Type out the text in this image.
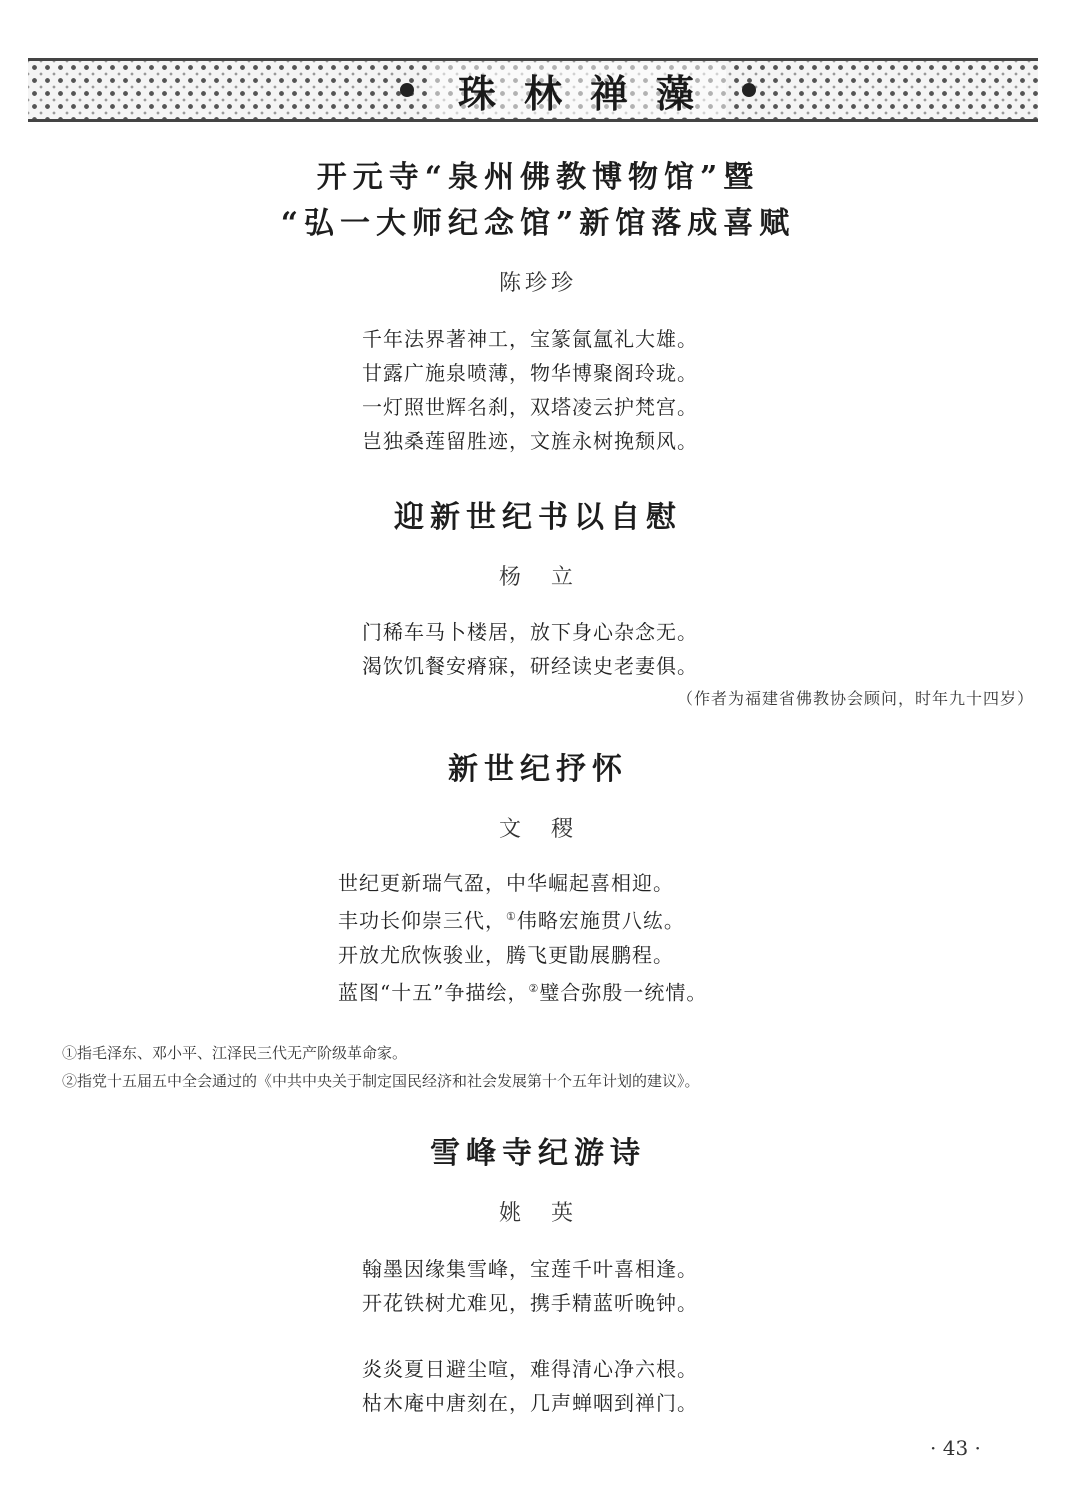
珠林禅藻
开元寺“泉州佛教博物馆”暨
“弘一大师纪念馆”新馆落成喜赋
陈珍珍
千年法界著神工，宝篆氤氲礼大雄。
甘露广施泉喷薄，物华博聚阁玲珑。
一灯照世辉名刹，双塔凌云护梵宫。
岂独桑莲留胜迹，文旌永树挽颓风。
迎新世纪书以自慰
杨　立
门稀车马卜楼居，放下身心杂念无。
渴饮饥餐安瘠寐，研经读史老妻俱。
（作者为福建省佛教协会顾问，时年九十四岁）
新世纪抒怀
文　稷
世纪更新瑞气盈，中华崛起喜相迎。
丰功长仰崇三代，①伟略宏施贯八纮。
开放尤欣恢骏业，腾飞更勖展鹏程。
蓝图“十五”争描绘，②璧合弥殷一统情。
①指毛泽东、邓小平、江泽民三代无产阶级革命家。
②指党十五届五中全会通过的《中共中央关于制定国民经济和社会发展第十个五年计划的建议》。
雪峰寺纪游诗
姚　英
翰墨因缘集雪峰，宝莲千叶喜相逢。
开花铁树尤难见，携手精蓝听晚钟。
炎炎夏日避尘喧，难得清心净六根。
枯木庵中唐刻在，几声蝉咽到禅门。
· 43 ·
